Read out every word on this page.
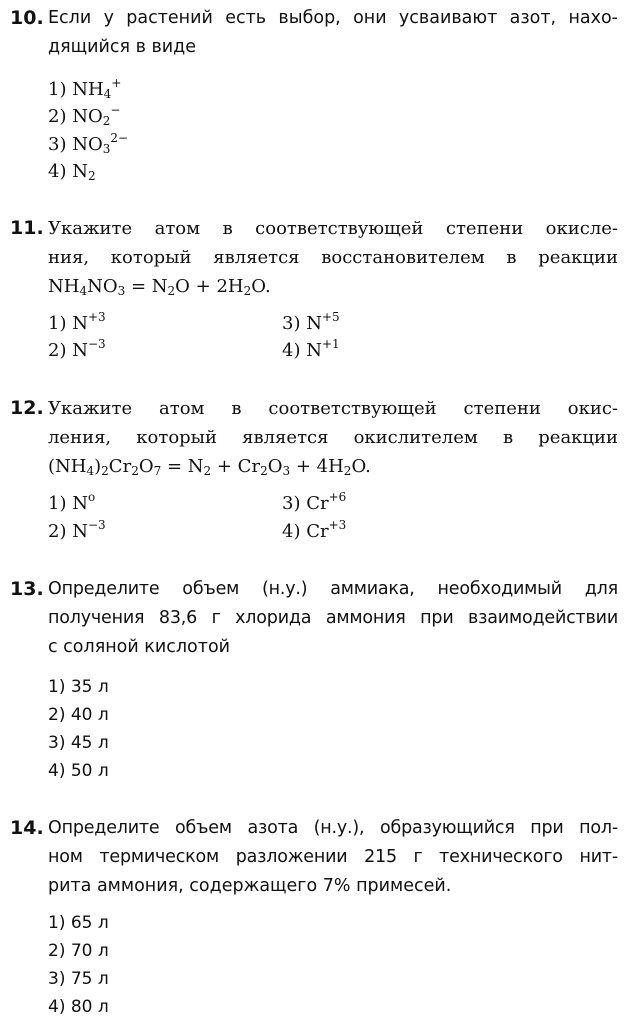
10. Если у растений есть выбор, они усваивают азот, нахо-
дящийся в виде
1) $NH_4^+$
2) $NO_2^-$
3) $NO_3^{2-}$
4) $N_2$
11. Укажите атом в соответствующей степени окисле-
ния, который является восстановителем в реакции
$NH_4NO_3 = N_2O + 2H_2O$.
1) $N^{+3}$
2) $N^{-3}$
3) $N^{+5}$
4) $N^{+1}$
12. Укажите атом в соответствующей степени окис-
ления, который является окислителем в реакции
$(NH_4)_2Cr_2O_7 = N_2 + Cr_2O_3 + 4H_2O$.
1) $N^o$
2) $N^{-3}$
3) $Cr^{+6}$
4) $Cr^{+3}$
13. Определите объем (н.у.) аммиака, необходимый для
получения 83,6 г хлорида аммония при взаимодействии
с соляной кислотой
1) 35 л
2) 40 л
3) 45 л
4) 50 л
14. Определите объем азота (н.у.), образующийся при пол-
ном термическом разложении 215 г технического нит-
рита аммония, содержащего 7% примесей.
1) 65 л
2) 70 л
3) 75 л
4) 80 л
